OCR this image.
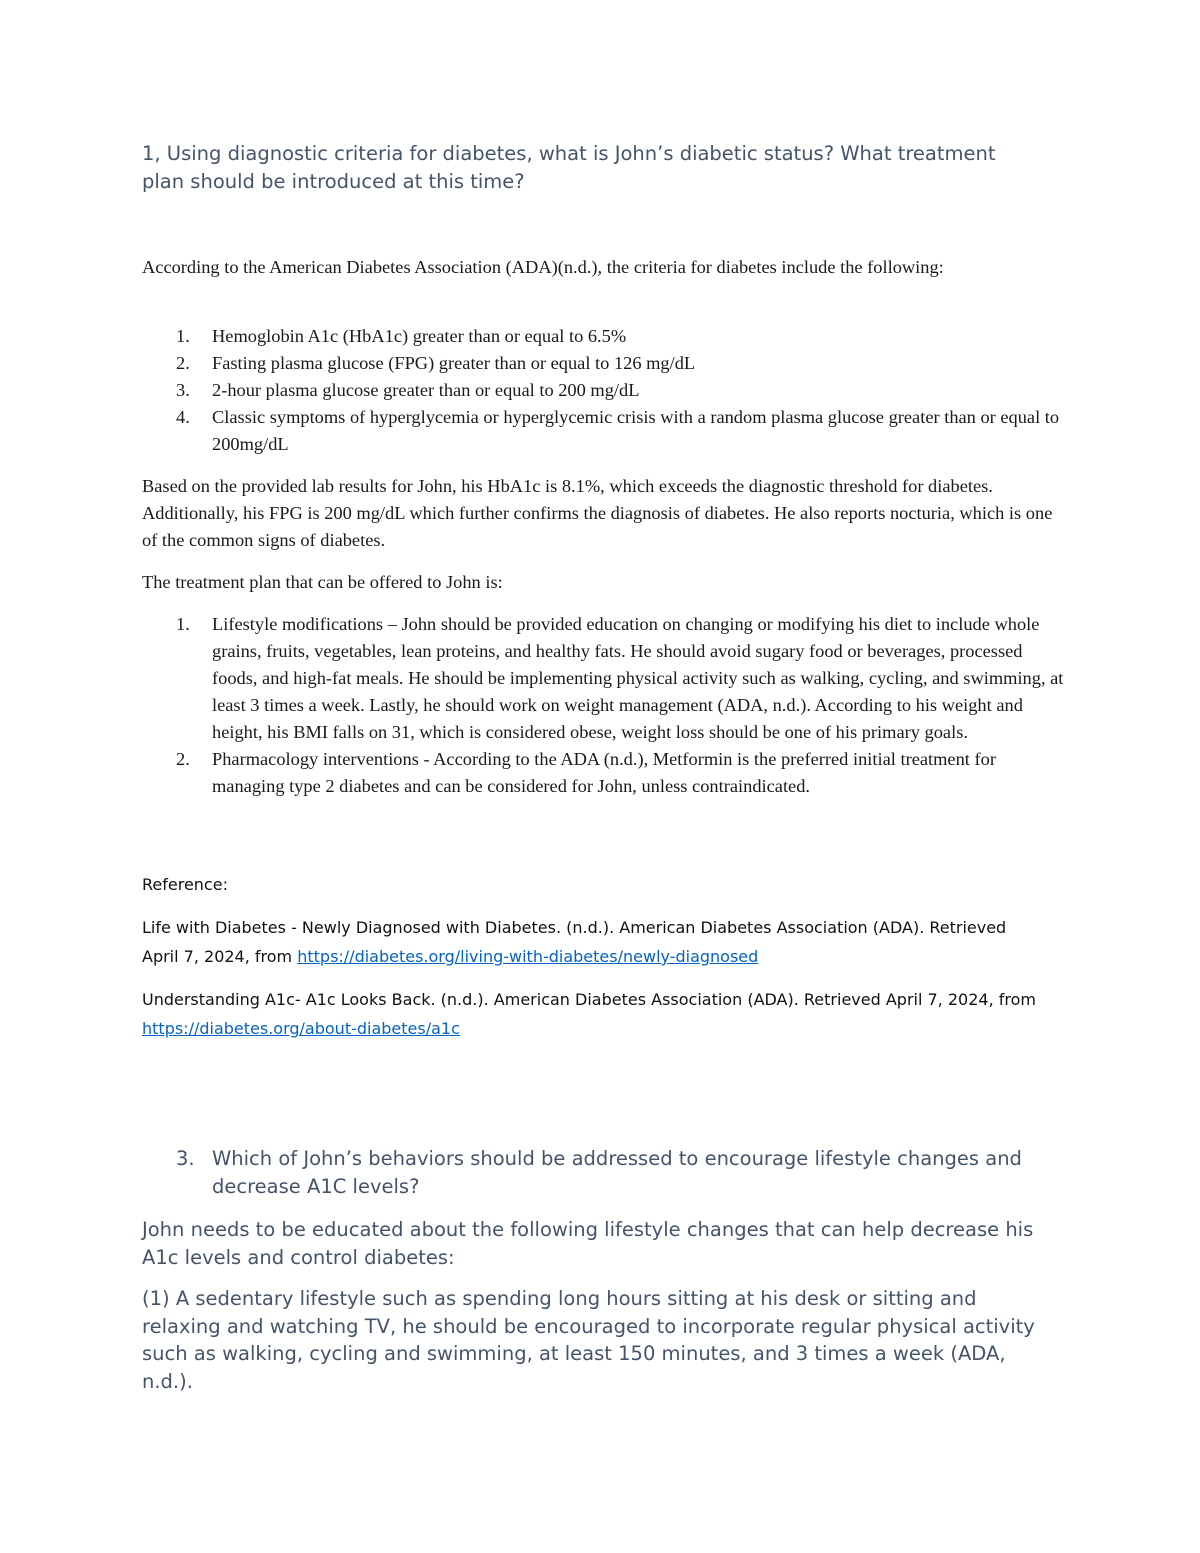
1, Using diagnostic criteria for diabetes, what is John’s diabetic status? What treatment plan should be introduced at this time?

According to the American Diabetes Association (ADA)(n.d.), the criteria for diabetes include the following:

1. Hemoglobin A1c (HbA1c) greater than or equal to 6.5%
2. Fasting plasma glucose (FPG) greater than or equal to 126 mg/dL
3. 2-hour plasma glucose greater than or equal to 200 mg/dL
4. Classic symptoms of hyperglycemia or hyperglycemic crisis with a random plasma glucose greater than or equal to 200mg/dL

Based on the provided lab results for John, his HbA1c is 8.1%, which exceeds the diagnostic threshold for diabetes. Additionally, his FPG is 200 mg/dL which further confirms the diagnosis of diabetes. He also reports nocturia, which is one of the common signs of diabetes.

The treatment plan that can be offered to John is:

1. Lifestyle modifications – John should be provided education on changing or modifying his diet to include whole grains, fruits, vegetables, lean proteins, and healthy fats. He should avoid sugary food or beverages, processed foods, and high-fat meals. He should be implementing physical activity such as walking, cycling, and swimming, at least 3 times a week. Lastly, he should work on weight management (ADA, n.d.). According to his weight and height, his BMI falls on 31, which is considered obese, weight loss should be one of his primary goals.
2. Pharmacology interventions - According to the ADA (n.d.), Metformin is the preferred initial treatment for managing type 2 diabetes and can be considered for John, unless contraindicated.

Reference:

Life with Diabetes - Newly Diagnosed with Diabetes. (n.d.). American Diabetes Association (ADA). Retrieved April 7, 2024, from https://diabetes.org/living-with-diabetes/newly-diagnosed

Understanding A1c- A1c Looks Back. (n.d.). American Diabetes Association (ADA). Retrieved April 7, 2024, from https://diabetes.org/about-diabetes/a1c

3. Which of John’s behaviors should be addressed to encourage lifestyle changes and decrease A1C levels?

John needs to be educated about the following lifestyle changes that can help decrease his A1c levels and control diabetes:

(1) A sedentary lifestyle such as spending long hours sitting at his desk or sitting and relaxing and watching TV, he should be encouraged to incorporate regular physical activity such as walking, cycling and swimming, at least 150 minutes, and 3 times a week (ADA, n.d.).
